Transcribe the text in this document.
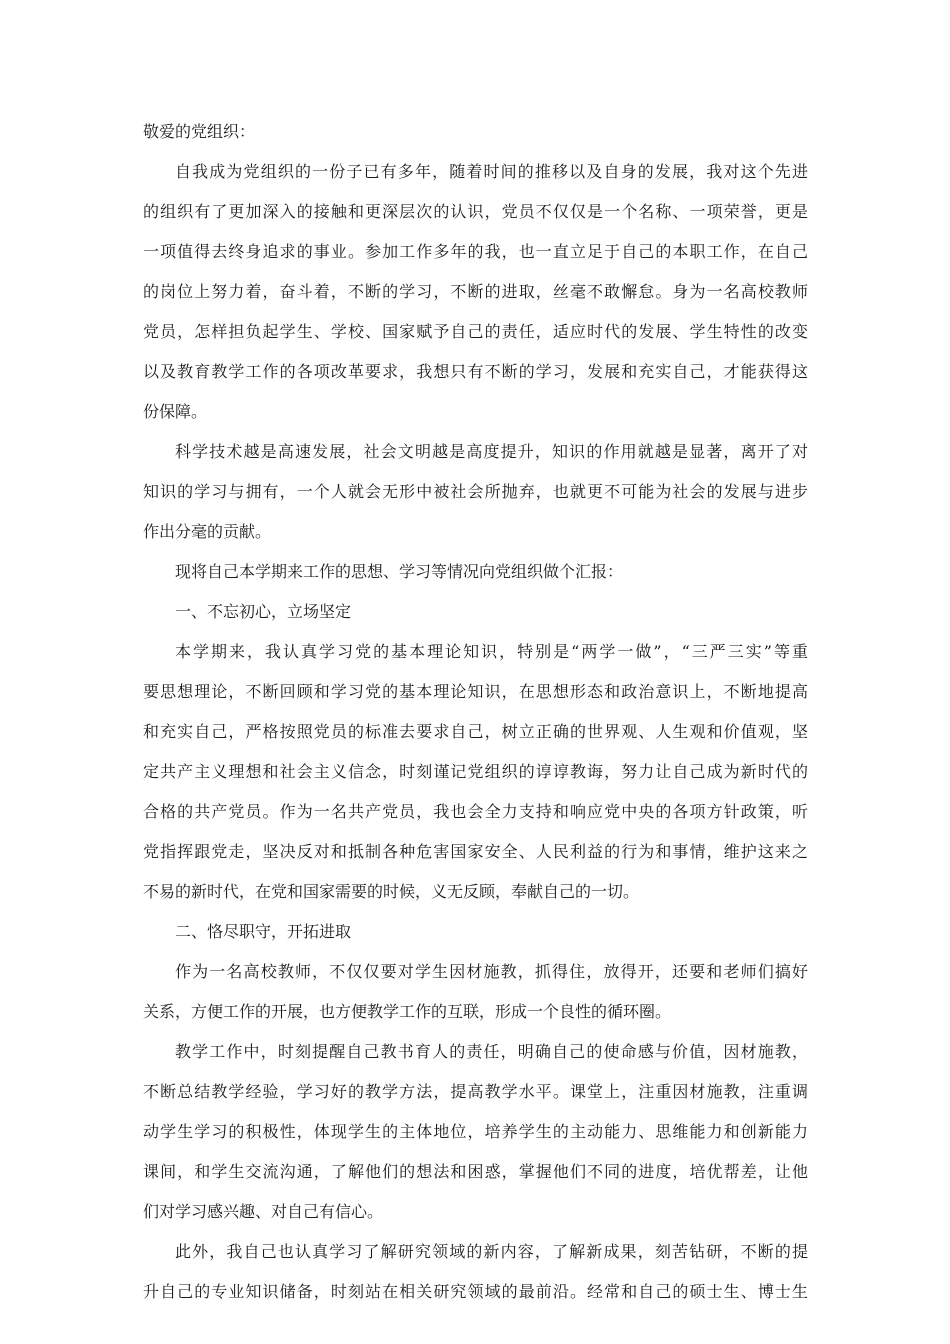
敬爱的党组织：
自我成为党组织的一份子已有多年，随着时间的推移以及自身的发展，我对这个先进
的组织有了更加深入的接触和更深层次的认识，党员不仅仅是一个名称、一项荣誉，更是
一项值得去终身追求的事业。参加工作多年的我，也一直立足于自己的本职工作，在自己
的岗位上努力着，奋斗着，不断的学习，不断的进取，丝毫不敢懈怠。身为一名高校教师
党员，怎样担负起学生、学校、国家赋予自己的责任，适应时代的发展、学生特性的改变
以及教育教学工作的各项改革要求，我想只有不断的学习，发展和充实自己，才能获得这
份保障。
科学技术越是高速发展，社会文明越是高度提升，知识的作用就越是显著，离开了对
知识的学习与拥有，一个人就会无形中被社会所抛弃，也就更不可能为社会的发展与进步
作出分毫的贡献。
现将自己本学期来工作的思想、学习等情况向党组织做个汇报：
一、不忘初心，立场坚定
本学期来，我认真学习党的基本理论知识，特别是“两学一做”，“三严三实”等重
要思想理论，不断回顾和学习党的基本理论知识，在思想形态和政治意识上，不断地提高
和充实自己，严格按照党员的标准去要求自己，树立正确的世界观、人生观和价值观，坚
定共产主义理想和社会主义信念，时刻谨记党组织的谆谆教诲，努力让自己成为新时代的
合格的共产党员。作为一名共产党员，我也会全力支持和响应党中央的各项方针政策，听
党指挥跟党走，坚决反对和抵制各种危害国家安全、人民利益的行为和事情，维护这来之
不易的新时代，在党和国家需要的时候，义无反顾，奉献自己的一切。
二、恪尽职守，开拓进取
作为一名高校教师，不仅仅要对学生因材施教，抓得住，放得开，还要和老师们搞好
关系，方便工作的开展，也方便教学工作的互联，形成一个良性的循环圈。
教学工作中，时刻提醒自己教书育人的责任，明确自己的使命感与价值，因材施教，
不断总结教学经验，学习好的教学方法，提高教学水平。课堂上，注重因材施教，注重调
动学生学习的积极性，体现学生的主体地位，培养学生的主动能力、思维能力和创新能力
课间，和学生交流沟通，了解他们的想法和困惑，掌握他们不同的进度，培优帮差，让他
们对学习感兴趣、对自己有信心。
此外，我自己也认真学习了解研究领域的新内容，了解新成果，刻苦钻研，不断的提
升自己的专业知识储备，时刻站在相关研究领域的最前沿。经常和自己的硕士生、博士生
